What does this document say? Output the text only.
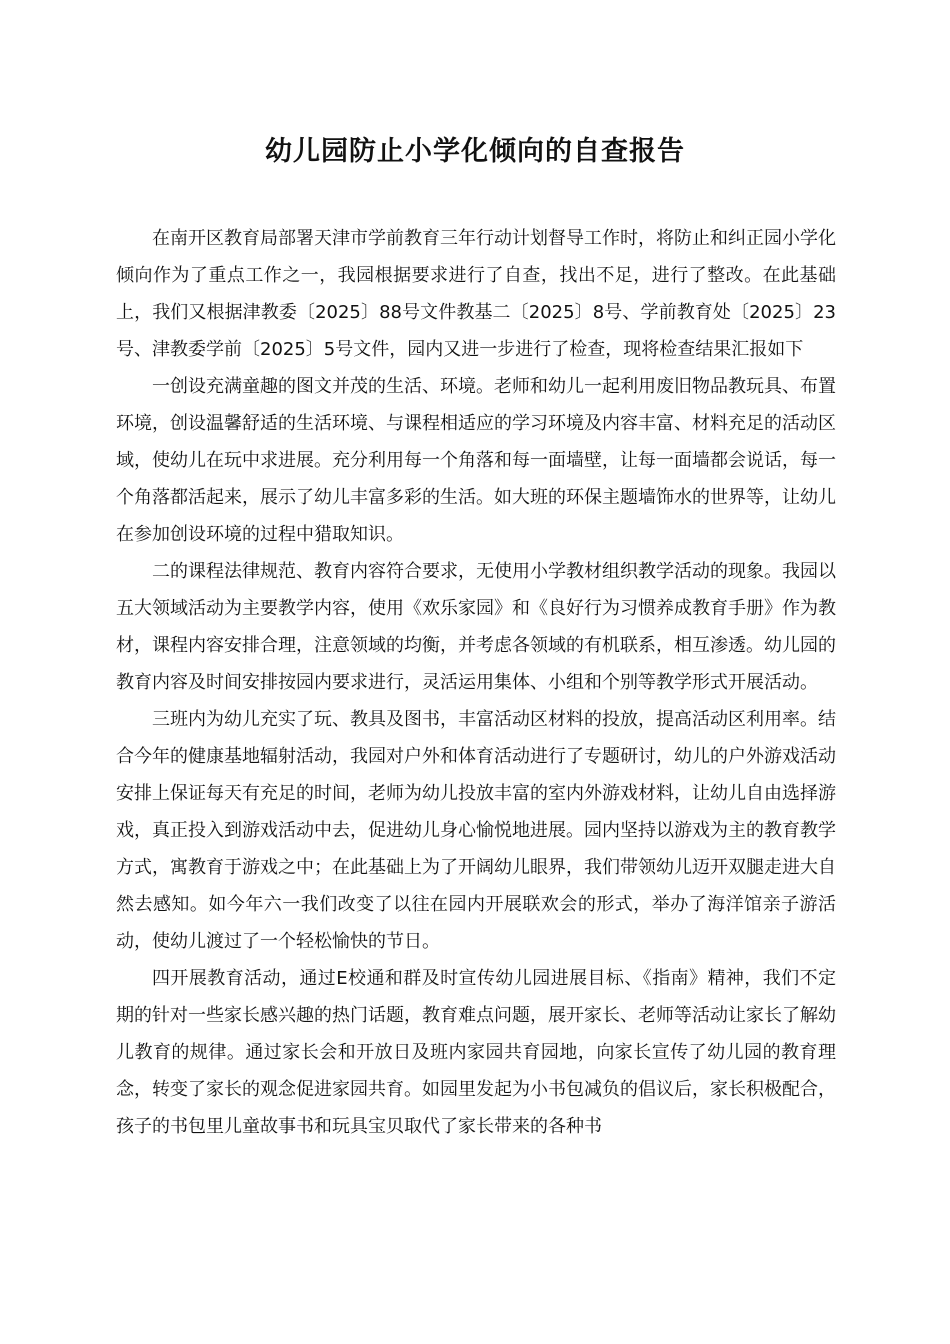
幼儿园防止小学化倾向的自查报告

在南开区教育局部署天津市学前教育三年行动计划督导工作时，将防止和纠正园小学化倾向作为了重点工作之一，我园根据要求进行了自查，找出不足，进行了整改。在此基础上，我们又根据津教委〔2025〕88号文件教基二〔2025〕8号、学前教育处〔2025〕23号、津教委学前〔2025〕5号文件，园内又进一步进行了检查，现将检查结果汇报如下

一创设充满童趣的图文并茂的生活、环境。老师和幼儿一起利用废旧物品教玩具、布置环境，创设温馨舒适的生活环境、与课程相适应的学习环境及内容丰富、材料充足的活动区域，使幼儿在玩中求进展。充分利用每一个角落和每一面墙壁，让每一面墙都会说话，每一个角落都活起来，展示了幼儿丰富多彩的生活。如大班的环保主题墙饰水的世界等，让幼儿在参加创设环境的过程中猎取知识。

二的课程法律规范、教育内容符合要求，无使用小学教材组织教学活动的现象。我园以五大领域活动为主要教学内容，使用《欢乐家园》和《良好行为习惯养成教育手册》作为教材，课程内容安排合理，注意领域的均衡，并考虑各领域的有机联系，相互渗透。幼儿园的教育内容及时间安排按园内要求进行，灵活运用集体、小组和个别等教学形式开展活动。

三班内为幼儿充实了玩、教具及图书，丰富活动区材料的投放，提高活动区利用率。结合今年的健康基地辐射活动，我园对户外和体育活动进行了专题研讨，幼儿的户外游戏活动安排上保证每天有充足的时间，老师为幼儿投放丰富的室内外游戏材料，让幼儿自由选择游戏，真正投入到游戏活动中去，促进幼儿身心愉悦地进展。园内坚持以游戏为主的教育教学方式，寓教育于游戏之中；在此基础上为了开阔幼儿眼界，我们带领幼儿迈开双腿走进大自然去感知。如今年六一我们改变了以往在园内开展联欢会的形式，举办了海洋馆亲子游活动，使幼儿渡过了一个轻松愉快的节日。

四开展教育活动，通过E校通和群及时宣传幼儿园进展目标、《指南》精神，我们不定期的针对一些家长感兴趣的热门话题，教育难点问题，展开家长、老师等活动让家长了解幼儿教育的规律。通过家长会和开放日及班内家园共育园地，向家长宣传了幼儿园的教育理念，转变了家长的观念促进家园共育。如园里发起为小书包减负的倡议后，家长积极配合，孩子的书包里儿童故事书和玩具宝贝取代了家长带来的各种书
